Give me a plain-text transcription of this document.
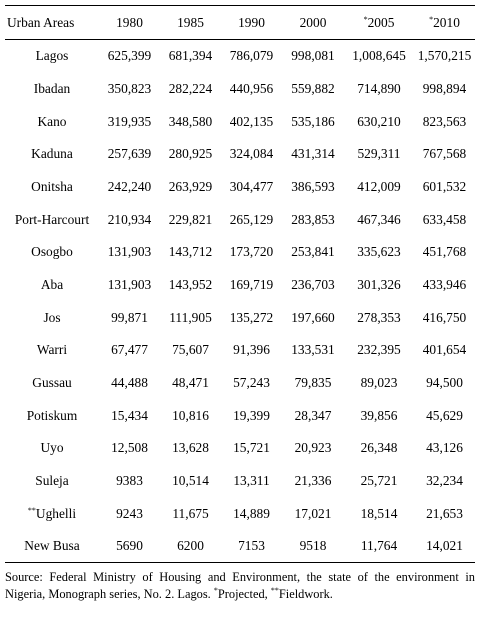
Urban Areas	1980	1985	1990	2000	*2005	*2010
Lagos	625,399	681,394	786,079	998,081	1,008,645	1,570,215
Ibadan	350,823	282,224	440,956	559,882	714,890	998,894
Kano	319,935	348,580	402,135	535,186	630,210	823,563
Kaduna	257,639	280,925	324,084	431,314	529,311	767,568
Onitsha	242,240	263,929	304,477	386,593	412,009	601,532
Port-Harcourt	210,934	229,821	265,129	283,853	467,346	633,458
Osogbo	131,903	143,712	173,720	253,841	335,623	451,768
Aba	131,903	143,952	169,719	236,703	301,326	433,946
Jos	99,871	111,905	135,272	197,660	278,353	416,750
Warri	67,477	75,607	91,396	133,531	232,395	401,654
Gussau	44,488	48,471	57,243	79,835	89,023	94,500
Potiskum	15,434	10,816	19,399	28,347	39,856	45,629
Uyo	12,508	13,628	15,721	20,923	26,348	43,126
Suleja	9383	10,514	13,311	21,336	25,721	32,234
**Ughelli	9243	11,675	14,889	17,021	18,514	21,653
New Busa	5690	6200	7153	9518	11,764	14,021

Source: Federal Ministry of Housing and Environment, the state of the environment in Nigeria, Monograph series, No. 2. Lagos. *Projected, **Fieldwork.
